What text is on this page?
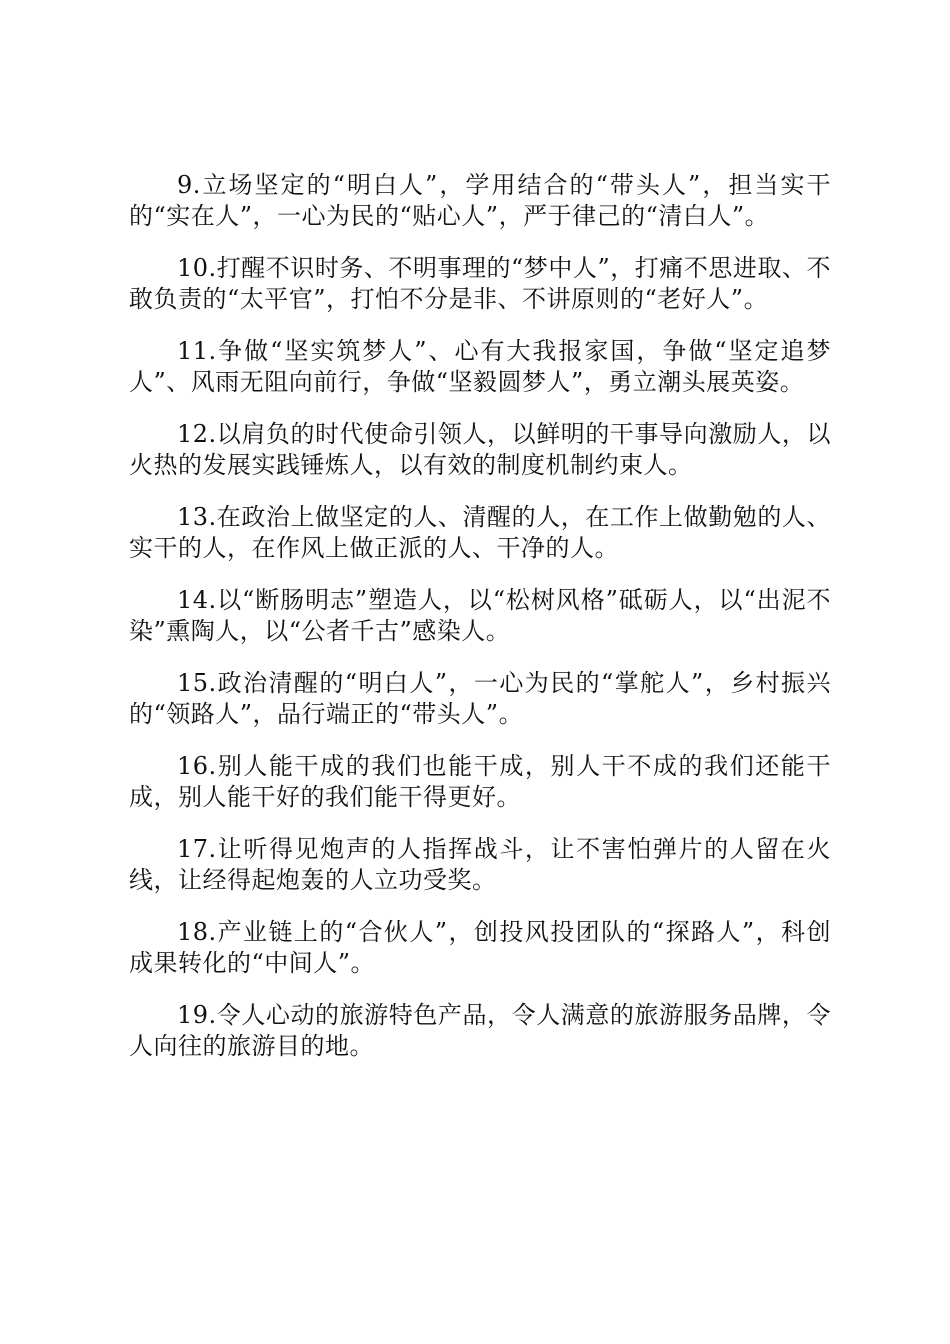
9.立场坚定的“明白人”，学用结合的“带头人”，担当实干的“实在人”，一心为民的“贴心人”，严于律己的“清白人”。

10.打醒不识时务、不明事理的“梦中人”，打痛不思进取、不敢负责的“太平官”，打怕不分是非、不讲原则的“老好人”。

11.争做“坚实筑梦人”、心有大我报家国，争做“坚定追梦人”、风雨无阻向前行，争做“坚毅圆梦人”，勇立潮头展英姿。

12.以肩负的时代使命引领人，以鲜明的干事导向激励人，以火热的发展实践锤炼人，以有效的制度机制约束人。

13.在政治上做坚定的人、清醒的人，在工作上做勤勉的人、实干的人，在作风上做正派的人、干净的人。

14.以“断肠明志”塑造人，以“松树风格”砥砺人，以“出泥不染”熏陶人，以“公者千古”感染人。

15.政治清醒的“明白人”，一心为民的“掌舵人”，乡村振兴的“领路人”，品行端正的“带头人”。

16.别人能干成的我们也能干成，别人干不成的我们还能干成，别人能干好的我们能干得更好。

17.让听得见炮声的人指挥战斗，让不害怕弹片的人留在火线，让经得起炮轰的人立功受奖。

18.产业链上的“合伙人”，创投风投团队的“探路人”，科创成果转化的“中间人”。

19.令人心动的旅游特色产品，令人满意的旅游服务品牌，令人向往的旅游目的地。
